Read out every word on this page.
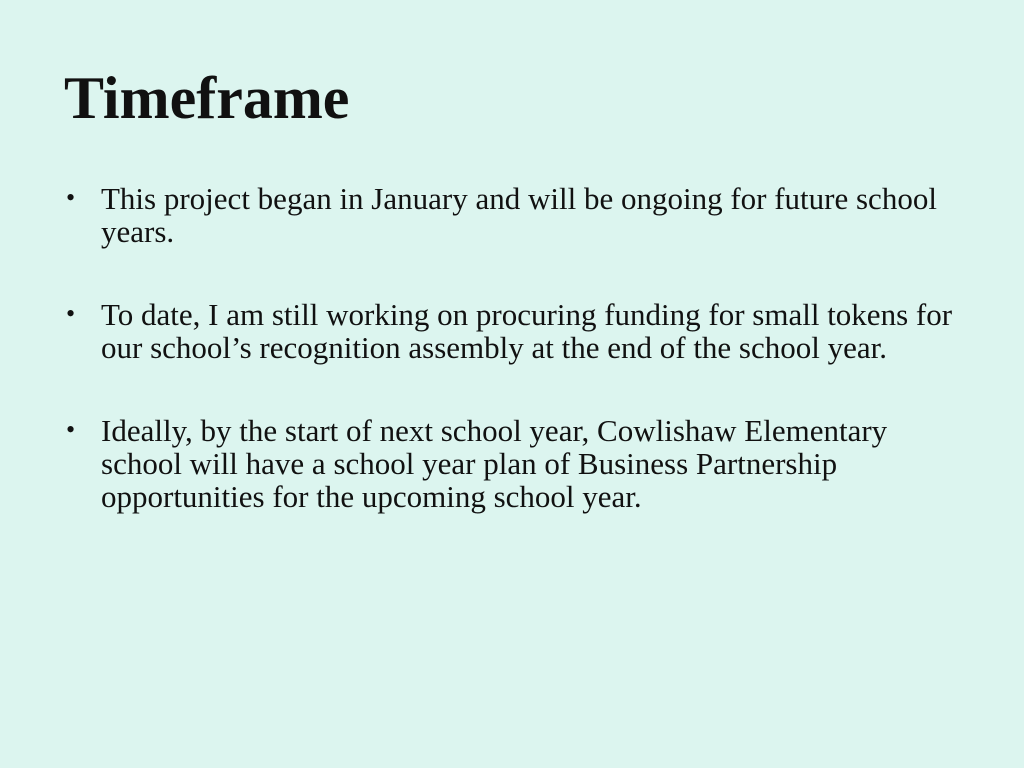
Timeframe
• This project began in January and will be ongoing for future school years.
• To date, I am still working on procuring funding for small tokens for our school’s recognition assembly at the end of the school year.
• Ideally, by the start of next school year, Cowlishaw Elementary school will have a school year plan of Business Partnership opportunities for the upcoming school year.
